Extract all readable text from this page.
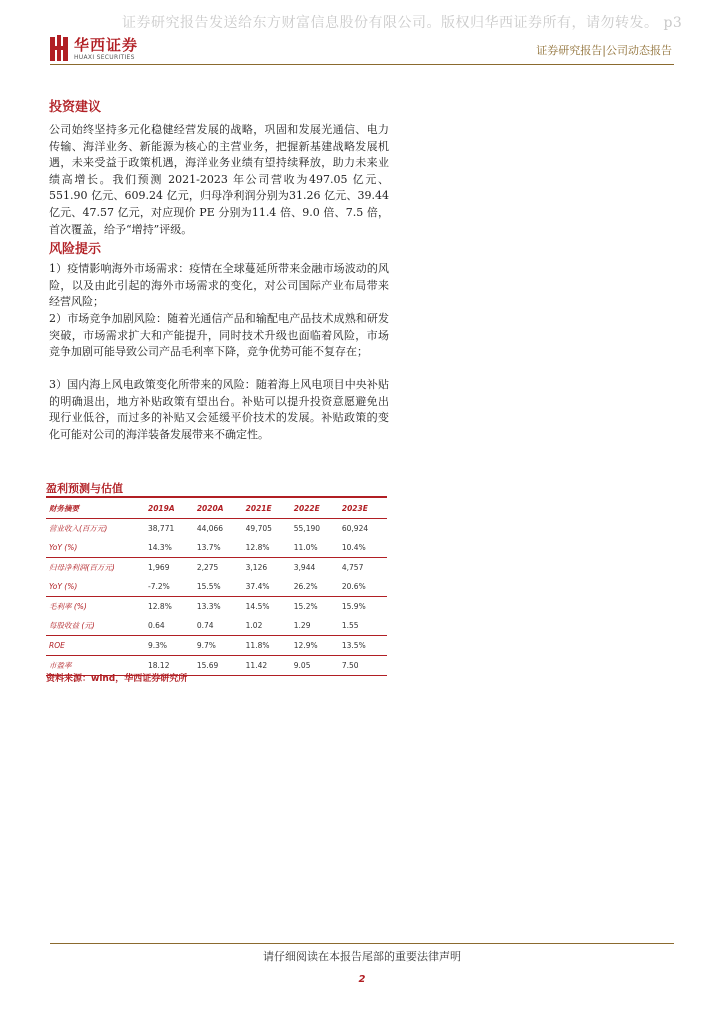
证券研究报告发送给东方财富信息股份有限公司。版权归华西证券所有，请勿转发。 p3
华西证券
HUAXI SECURITIES
证券研究报告|公司动态报告
投资建议
公司始终坚持多元化稳健经营发展的战略，巩固和发展光通信、电力传输、海洋业务、新能源为核心的主营业务，把握新基建战略发展机遇，未来受益于政策机遇，海洋业务业绩有望持续释放，助力未来业绩高增长。我们预测 2021-2023 年公司营收为497.05 亿元、551.90 亿元、609.24 亿元，归母净利润分别为31.26 亿元、39.44 亿元、47.57 亿元，对应现价 PE 分别为11.4 倍、9.0 倍、7.5 倍，首次覆盖，给予“增持”评级。
风险提示
1）疫情影响海外市场需求：疫情在全球蔓延所带来金融市场波动的风险，以及由此引起的海外市场需求的变化，对公司国际产业布局带来经营风险；
2）市场竞争加剧风险：随着光通信产品和输配电产品技术成熟和研发突破，市场需求扩大和产能提升，同时技术升级也面临着风险，市场竞争加剧可能导致公司产品毛利率下降，竞争优势可能不复存在；
3）国内海上风电政策变化所带来的风险：随着海上风电项目中央补贴的明确退出，地方补贴政策有望出台。补贴可以提升投资意愿避免出现行业低谷，而过多的补贴又会延缓平价技术的发展。补贴政策的变化可能对公司的海洋装备发展带来不确定性。
盈利预测与估值
财务摘要	2019A	2020A	2021E	2022E	2023E
营业收入(百万元)	38,771	44,066	49,705	55,190	60,924
YoY (%)	14.3%	13.7%	12.8%	11.0%	10.4%
归母净利润(百万元)	1,969	2,275	3,126	3,944	4,757
YoY (%)	-7.2%	15.5%	37.4%	26.2%	20.6%
毛利率 (%)	12.8%	13.3%	14.5%	15.2%	15.9%
每股收益 (元)	0.64	0.74	1.02	1.29	1.55
ROE	9.3%	9.7%	11.8%	12.9%	13.5%
市盈率	18.12	15.69	11.42	9.05	7.50
资料来源：wind，华西证券研究所
请仔细阅读在本报告尾部的重要法律声明
2
